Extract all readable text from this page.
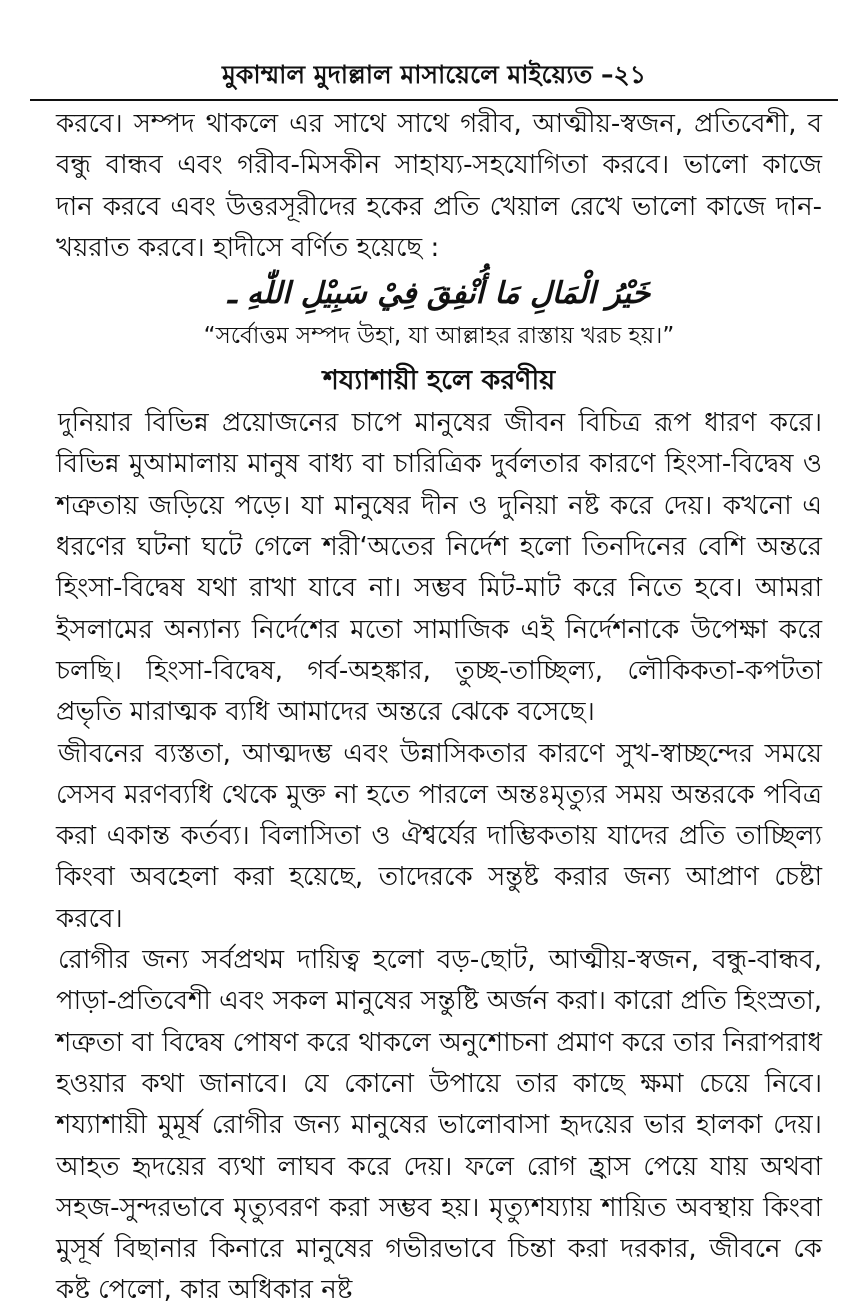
মুকাম্মাল মুদাল্লাল মাসায়েলে মাইয়্যেত –২১

করবে। সম্পদ থাকলে এর সাথে সাথে গরীব, আত্মীয়-স্বজন, প্রতিবেশী, ব বন্ধু বান্ধব এবং গরীব-মিসকীন সাহায্য-সহযোগিতা করবে। ভালো কাজে দান করবে এবং উত্তরসূরীদের হকের প্রতি খেয়াল রেখে ভালো কাজে দান-খয়রাত করবে। হাদীসে বর্ণিত হয়েছে :

خَيْرُ الْمَالِ مَا أُنْفِقَ فِيْ سَبِيْلِ اللّٰهِ ـ

“সর্বোত্তম সম্পদ উহা, যা আল্লাহর রাস্তায় খরচ হয়।”

শয্যাশায়ী হলে করণীয়

দুনিয়ার বিভিন্ন প্রয়োজনের চাপে মানুষের জীবন বিচিত্র রূপ ধারণ করে। বিভিন্ন মুআমালায় মানুষ বাধ্য বা চারিত্রিক দুর্বলতার কারণে হিংসা-বিদ্বেষ ও শত্রুতায় জড়িয়ে পড়ে। যা মানুষের দীন ও দুনিয়া নষ্ট করে দেয়। কখনো এ ধরণের ঘটনা ঘটে গেলে শরী‘অতের নির্দেশ হলো তিনদিনের বেশি অন্তরে হিংসা-বিদ্বেষ যথা রাখা যাবে না। সম্ভব মিট-মাট করে নিতে হবে। আমরা ইসলামের অন্যান্য নির্দেশের মতো সামাজিক এই নির্দেশনাকে উপেক্ষা করে চলছি। হিংসা-বিদ্বেষ, গর্ব-অহঙ্কার, তুচ্ছ-তাচ্ছিল্য, লৌকিকতা-কপটতা প্রভৃতি মারাত্মক ব্যধি আমাদের অন্তরে ঝেকে বসেছে।

জীবনের ব্যস্ততা, আত্মদম্ভ এবং উন্নাসিকতার কারণে সুখ-স্বাচ্ছন্দের সময়ে সেসব মরণব্যধি থেকে মুক্ত না হতে পারলে অন্তঃমৃত্যুর সময় অন্তরকে পবিত্র করা একান্ত কর্তব্য। বিলাসিতা ও ঐশ্বর্যের দাম্ভিকতায় যাদের প্রতি তাচ্ছিল্য কিংবা অবহেলা করা হয়েছে, তাদেরকে সন্তুষ্ট করার জন্য আপ্রাণ চেষ্টা করবে।

রোগীর জন্য সর্বপ্রথম দায়িত্ব হলো বড়-ছোট, আত্মীয়-স্বজন, বন্ধু-বান্ধব, পাড়া-প্রতিবেশী এবং সকল মানুষের সন্তুষ্টি অর্জন করা। কারো প্রতি হিংস্রতা, শত্রুতা বা বিদ্বেষ পোষণ করে থাকলে অনুশোচনা প্রমাণ করে তার নিরাপরাধ হওয়ার কথা জানাবে। যে কোনো উপায়ে তার কাছে ক্ষমা চেয়ে নিবে। শয্যাশায়ী মুমূর্ষ রোগীর জন্য মানুষের ভালোবাসা হৃদয়ের ভার হালকা দেয়। আহত হৃদয়ের ব্যথা লাঘব করে দেয়। ফলে রোগ হ্রাস পেয়ে যায় অথবা সহজ-সুন্দরভাবে মৃত্যুবরণ করা সম্ভব হয়। মৃত্যুশয্যায় শায়িত অবস্থায় কিংবা মুসূর্ষ বিছানার কিনারে মানুষের গভীরভাবে চিন্তা করা দরকার, জীবনে কে কষ্ট পেলো, কার অধিকার নষ্ট
